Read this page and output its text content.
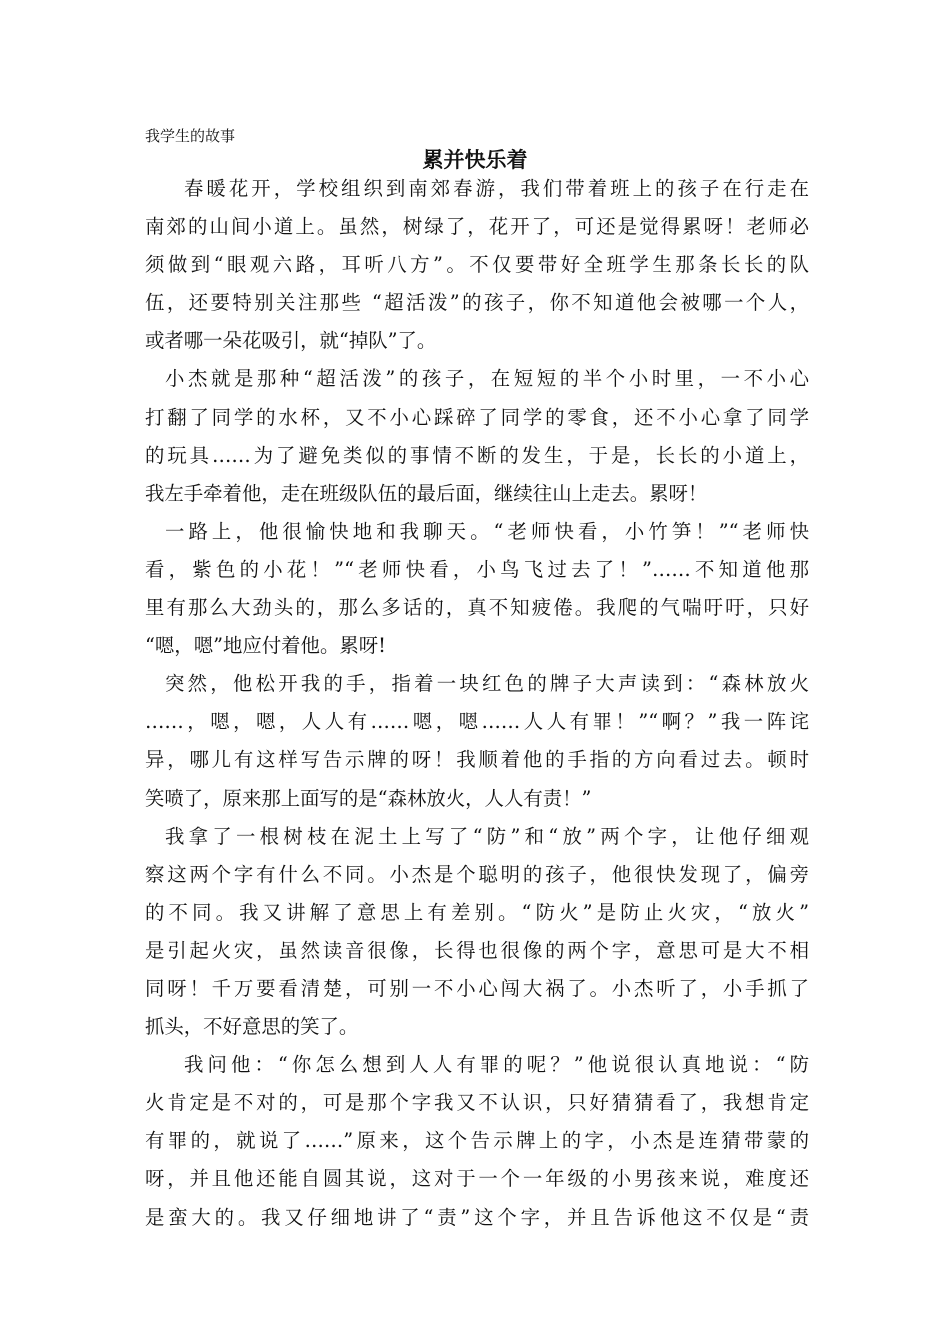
我学生的故事
累并快乐着
春暖花开，学校组织到南郊春游，我们带着班上的孩子在行走在
南郊的山间小道上。虽然，树绿了，花开了，可还是觉得累呀！老师必
须做到“眼观六路，耳听八方”。不仅要带好全班学生那条长长的队
伍，还要特别关注那些 “超活泼”的孩子，你不知道他会被哪一个人，
或者哪一朵花吸引，就“掉队”了。
小杰就是那种“超活泼”的孩子，在短短的半个小时里，一不小心
打翻了同学的水杯，又不小心踩碎了同学的零食，还不小心拿了同学
的玩具……为了避免类似的事情不断的发生，于是，长长的小道上，
我左手牵着他，走在班级队伍的最后面，继续往山上走去。累呀！
一路上，他很愉快地和我聊天。“老师快看，小竹笋！”“老师快
看，紫色的小花！”“老师快看，小鸟飞过去了！”……不知道他那
里有那么大劲头的，那么多话的，真不知疲倦。我爬的气喘吁吁，只好
“嗯，嗯”地应付着他。累呀!
突然，他松开我的手，指着一块红色的牌子大声读到：“森林放火
……，嗯，嗯，人人有……嗯，嗯……人人有罪！”“啊？”我一阵诧
异，哪儿有这样写告示牌的呀！我顺着他的手指的方向看过去。顿时
笑喷了，原来那上面写的是“森林放火，人人有责！”
我拿了一根树枝在泥土上写了“防”和“放”两个字，让他仔细观
察这两个字有什么不同。小杰是个聪明的孩子，他很快发现了，偏旁
的不同。我又讲解了意思上有差别。“防火”是防止火灾，“放火”
是引起火灾，虽然读音很像，长得也很像的两个字，意思可是大不相
同呀！千万要看清楚，可别一不小心闯大祸了。小杰听了，小手抓了
抓头，不好意思的笑了。
我问他：“你怎么想到人人有罪的呢？”他说很认真地说：“防
火肯定是不对的，可是那个字我又不认识，只好猜猜看了，我想肯定
有罪的，就说了……”原来，这个告示牌上的字，小杰是连猜带蒙的
呀，并且他还能自圆其说，这对于一个一年级的小男孩来说，难度还
是蛮大的。我又仔细地讲了“责”这个字，并且告诉他这不仅是“责
